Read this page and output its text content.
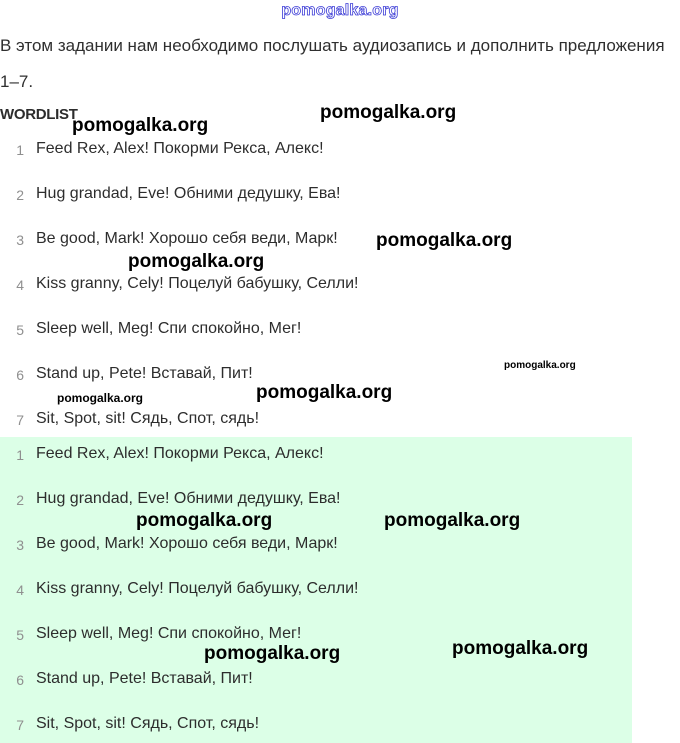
pomogalka.org
В этом задании нам необходимо послушать аудиозапись и дополнить предложения 1–7.
WORDLIST
1 Feed Rex, Alex! Покорми Рекса, Алекс!
2 Hug grandad, Eve! Обними дедушку, Ева!
3 Be good, Mark! Хорошо себя веди, Марк!
4 Kiss granny, Cely! Поцелуй бабушку, Селли!
5 Sleep well, Meg! Спи спокойно, Мег!
6 Stand up, Pete! Вставай, Пит!
7 Sit, Spot, sit! Сядь, Спот, сядь!
1 Feed Rex, Alex! Покорми Рекса, Алекс!
2 Hug grandad, Eve! Обними дедушку, Ева!
3 Be good, Mark! Хорошо себя веди, Марк!
4 Kiss granny, Cely! Поцелуй бабушку, Селли!
5 Sleep well, Meg! Спи спокойно, Мег!
6 Stand up, Pete! Вставай, Пит!
7 Sit, Spot, sit! Сядь, Спот, сядь!
pomogalka.org
pomogalka.org
pomogalka.org
pomogalka.org
pomogalka.org
pomogalka.org
pomogalka.org
pomogalka.org	pomogalka.org
pomogalka.org
pomogalka.org
